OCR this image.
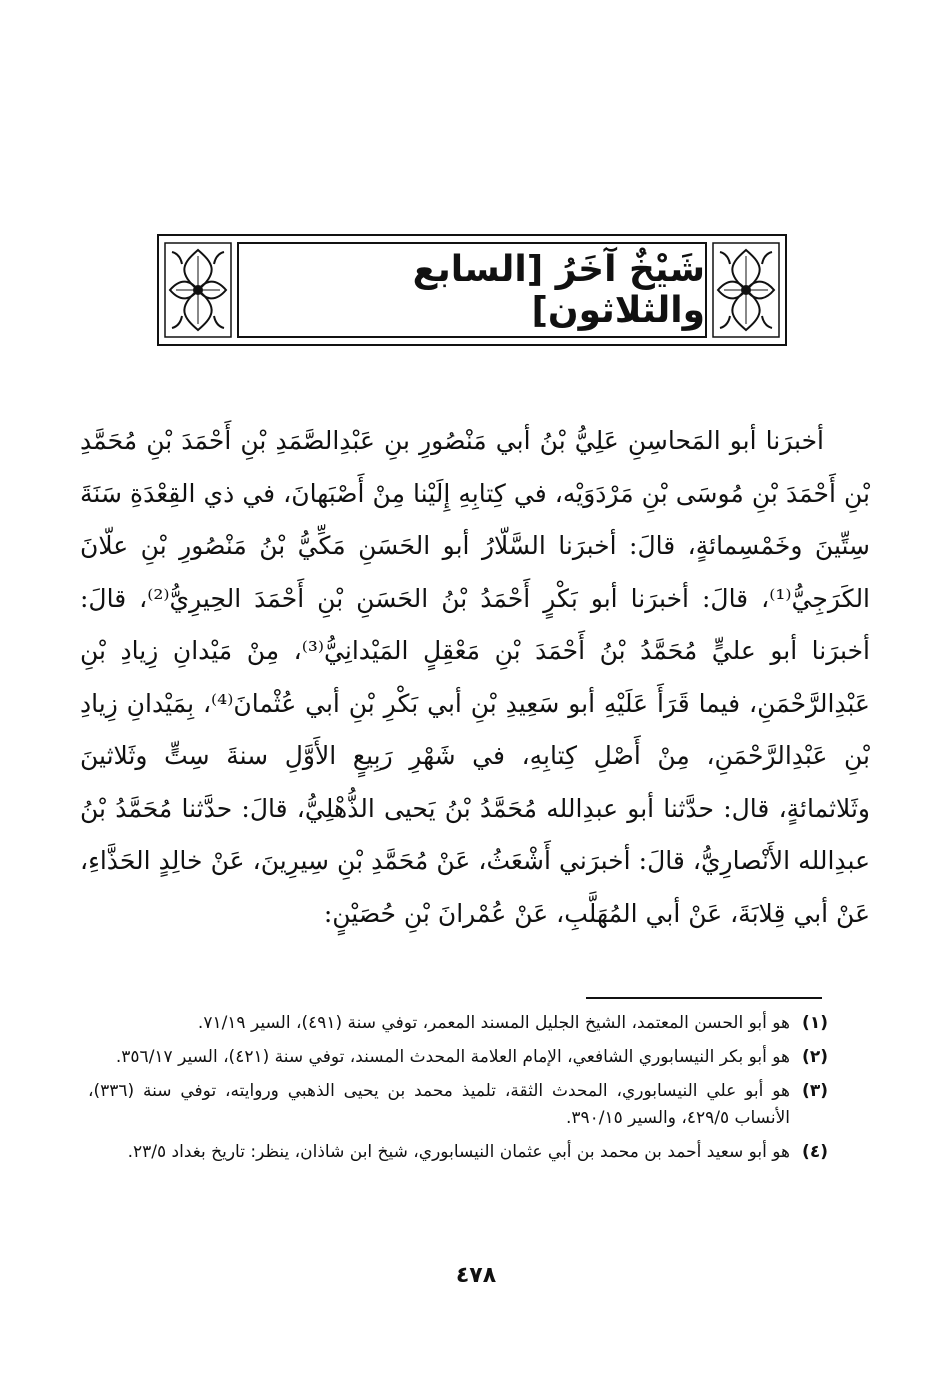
شَيْخٌ آخَرُ [السابع والثلاثون]

أخبرَنا أبو المَحاسِنِ عَلِيُّ بْنُ أبي مَنْصُورِ بنِ عَبْدِالصَّمَدِ بْنِ أَحْمَدَ بْنِ مُحَمَّدِ بْنِ أَحْمَدَ بْنِ مُوسَى بْنِ مَرْدَوَيْه، في كِتابِهِ إِلَيْنا مِنْ أَصْبَهانَ، في ذي القِعْدَةِ سَنَةَ سِتِّينَ وخَمْسِمائةٍ، قالَ: أخبرَنا السَّلّارُ أبو الحَسَنِ مَكِّيُّ بْنُ مَنْصُورِ بْنِ علّانَ الكَرَجِيُّ⁽¹⁾، قالَ: أخبرَنا أبو بَكْرٍ أَحْمَدُ بْنُ الحَسَنِ بْنِ أَحْمَدَ الحِيرِيُّ⁽²⁾، قالَ: أخبرَنا أبو عليٍّ مُحَمَّدُ بْنُ أَحْمَدَ بْنِ مَعْقِلٍ المَيْدانِيُّ⁽³⁾، مِنْ مَيْدانِ زِيادِ بْنِ عَبْدِالرَّحْمَنِ، فيما قَرَأَ عَلَيْهِ أبو سَعِيدِ بْنِ أبي بَكْرِ بْنِ أبي عُثْمانَ⁽⁴⁾، بِمَيْدانِ زِيادِ بْنِ عَبْدِالرَّحْمَنِ، مِنْ أَصْلِ كِتابِهِ، في شَهْرِ رَبِيعٍ الأَوَّلِ سنةَ سِتٍّ وثَلاثينَ وثَلاثمائةٍ، قال: حدَّثنا أبو عبدِالله مُحَمَّدُ بْنُ يَحيى الذُّهْلِيُّ، قالَ: حدَّثنا مُحَمَّدُ بْنُ عبدِالله الأَنْصارِيُّ، قالَ: أخبرَني أَشْعَثُ، عَنْ مُحَمَّدِ بْنِ سِيرِينَ، عَنْ خالِدٍ الحَذَّاءِ، عَنْ أبي قِلابَةَ، عَنْ أبي المُهَلَّبِ، عَنْ عُمْرانَ بْنِ حُصَيْنٍ:

(١)
هو أبو الحسن المعتمد، الشيخ الجليل المسند المعمر، توفي سنة (٤٩١)، السير ٧١/١٩.
(٢)
هو أبو بكر النيسابوري الشافعي، الإمام العلامة المحدث المسند، توفي سنة (٤٢١)، السير ٣٥٦/١٧.
(٣)
هو أبو علي النيسابوري، المحدث الثقة، تلميذ محمد بن يحيى الذهبي وروايته، توفي سنة (٣٣٦)، الأنساب ٤٢٩/٥، والسير ٣٩٠/١٥.
(٤)
هو أبو سعيد أحمد بن محمد بن أبي عثمان النيسابوري، شيخ ابن شاذان، ينظر: تاريخ بغداد ٢٣/٥.
٤٧٨
